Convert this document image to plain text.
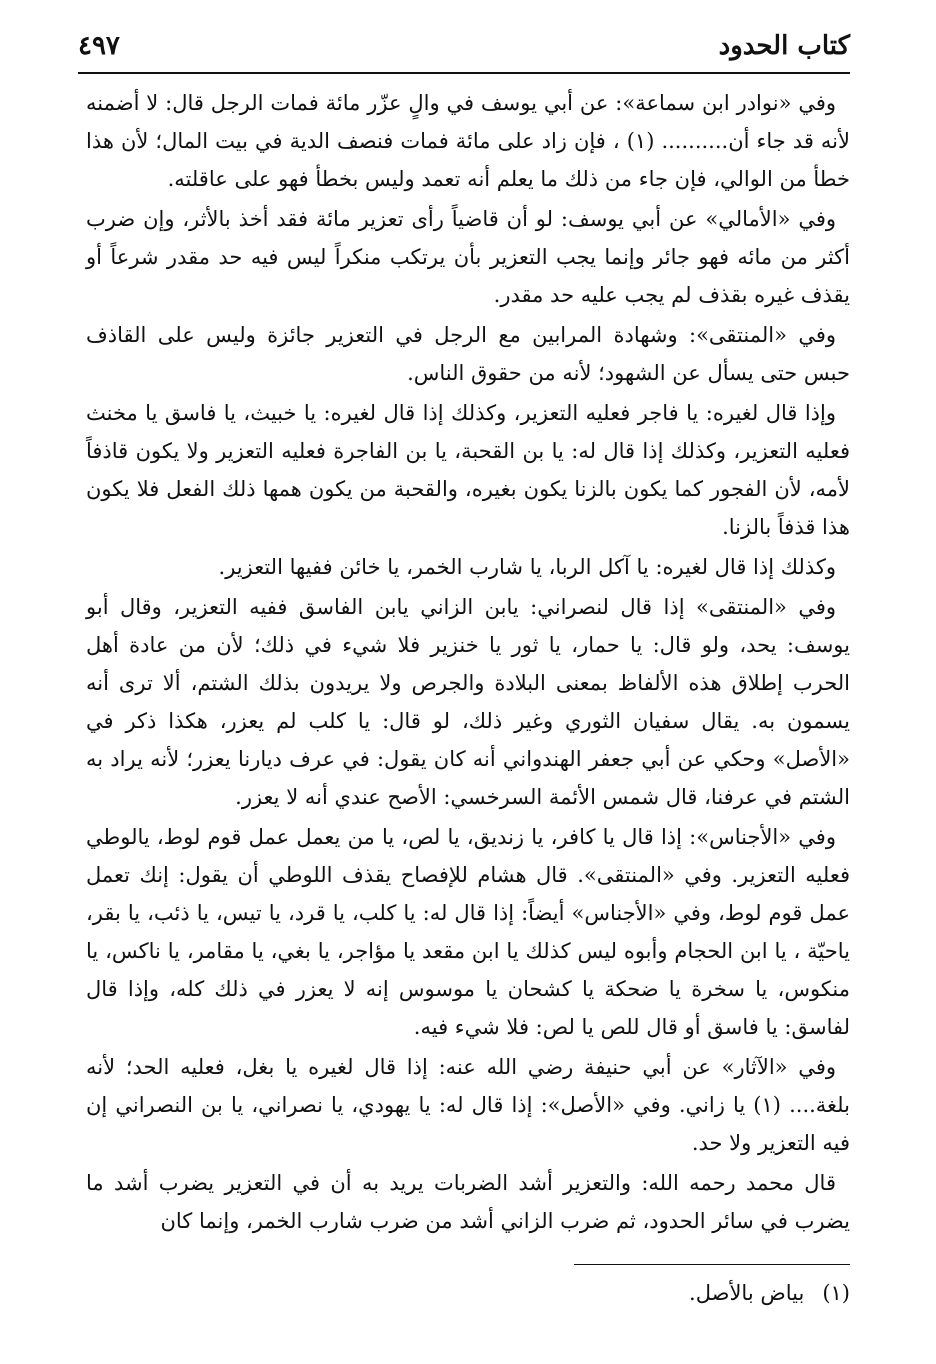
كتاب الحدود
٤٩٧

وفي «نوادر ابن سماعة»: عن أبي يوسف في والٍ عزّر مائة فمات الرجل قال: لا أضمنه لأنه قد جاء أن.......... (١) ، فإن زاد على مائة فمات فنصف الدية في بيت المال؛ لأن هذا خطأ من الوالي، فإن جاء من ذلك ما يعلم أنه تعمد وليس بخطأ فهو على عاقلته.

وفي «الأمالي» عن أبي يوسف: لو أن قاضياً رأى تعزير مائة فقد أخذ بالأثر، وإن ضرب أكثر من مائه فهو جائر وإنما يجب التعزير بأن يرتكب منكراً ليس فيه حد مقدر شرعاً أو يقذف غيره بقذف لم يجب عليه حد مقدر.

وفي «المنتقى»: وشهادة المرابين مع الرجل في التعزير جائزة وليس على القاذف حبس حتى يسأل عن الشهود؛ لأنه من حقوق الناس.

وإذا قال لغيره: يا فاجر فعليه التعزير، وكذلك إذا قال لغيره: يا خبيث، يا فاسق يا مخنث فعليه التعزير، وكذلك إذا قال له: يا بن القحبة، يا بن الفاجرة فعليه التعزير ولا يكون قاذفاً لأمه، لأن الفجور كما يكون بالزنا يكون بغيره، والقحبة من يكون همها ذلك الفعل فلا يكون هذا قذفاً بالزنا.

وكذلك إذا قال لغيره: يا آكل الربا، يا شارب الخمر، يا خائن ففيها التعزير.

وفي «المنتقى» إذا قال لنصراني: يابن الزاني يابن الفاسق ففيه التعزير، وقال أبو يوسف: يحد، ولو قال: يا حمار، يا ثور يا خنزير فلا شيء في ذلك؛ لأن من عادة أهل الحرب إطلاق هذه الألفاظ بمعنى البلادة والجرص ولا يريدون بذلك الشتم، ألا ترى أنه يسمون به. يقال سفيان الثوري وغير ذلك، لو قال: يا كلب لم يعزر، هكذا ذكر في «الأصل» وحكي عن أبي جعفر الهندواني أنه كان يقول: في عرف ديارنا يعزر؛ لأنه يراد به الشتم في عرفنا، قال شمس الأئمة السرخسي: الأصح عندي أنه لا يعزر.

وفي «الأجناس»: إذا قال يا كافر، يا زنديق، يا لص، يا من يعمل عمل قوم لوط، يالوطي فعليه التعزير. وفي «المنتقى». قال هشام للإفصاح يقذف اللوطي أن يقول: إنك تعمل عمل قوم لوط، وفي «الأجناس» أيضاً: إذا قال له: يا كلب، يا قرد، يا تيس، يا ذئب، يا بقر، ياحيّة ، يا ابن الحجام وأبوه ليس كذلك يا ابن مقعد يا مؤاجر، يا بغي، يا مقامر، يا ناكس، يا منكوس، يا سخرة يا ضحكة يا كشحان يا موسوس إنه لا يعزر في ذلك كله، وإذا قال لفاسق: يا فاسق أو قال للص يا لص: فلا شيء فيه.

وفي «الآثار» عن أبي حنيفة رضي الله عنه: إذا قال لغيره يا بغل، فعليه الحد؛ لأنه بلغة.... (١) يا زاني. وفي «الأصل»: إذا قال له: يا يهودي، يا نصراني، يا بن النصراني إن فيه التعزير ولا حد.

قال محمد رحمه الله: والتعزير أشد الضربات يريد به أن في التعزير يضرب أشد ما يضرب في سائر الحدود، ثم ضرب الزاني أشد من ضرب شارب الخمر، وإنما كان

(١)بياض بالأصل.
